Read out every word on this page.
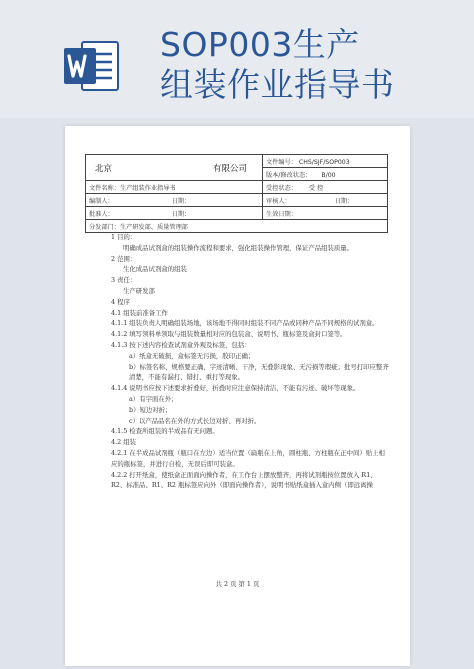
SOP003生产
组装作业指导书
北京 有限公司	文件编号： CHS/SJF/SOP003
	版本/修改状态： B/00
文件名称：生产组装作业指导书	受控状态： 受 控
编制人： 日期：	审核人： 日期：
批准人： 日期：	生效日期：
分发部门：生产研发部、质量管理部	
1 目的：
明确成品试剂盒的组装操作流程和要求，强化组装操作管理，保证产品组装质量。
2 范围：
生化成品试剂盒的组装
3 责任：
生产研发部
4 程序
4.1 组装前准备工作
4.1.1 组装负责人明确组装场地，该场地不得同时组装不同产品或同种产品不同规格的试剂盒。
4.1.2 填写领料单领取与组装数量相对应的包装盒、说明书、瓶标签及盒封口签等。
4.1.3 按下述内容检查试剂盒外观及标签，包括：
a）纸盒无破损，盒标签无污损，胶印正确；
b）标签名称、规格要正确，字迹清晰、干净，无叠影现象、无污损等瑕疵；批号打印应整齐清楚，不能有漏打、错打、重打等现象。
4.1.4 说明书应按下述要求折叠好，折叠时应注意保持清洁，不能有污迹、破坏等现象。
a）有字面在外；
b）短边对折；
c）以产品品名在外的方式长边对折、再对折。
4.1.5 检查所组装的半成品有无问题。
4.2 组装
4.2.1 在半成品试剂瓶（瓶口在左边）适当位置（扁瓶在上角，圆柱瓶、方柱瓶在正中间）贴上相应的瓶标签，并进行自检，无误后即可装盒。
4.2.2 打开纸盒，使纸盒正面面向操作者，在工作台上摆放整齐，再将试剂瓶按位置放入 R1、R2、标准品、R1、R2 瓶标签应向外（即面向操作者），说明书贴纸盒插入盒内侧（即远离操
共 2 页 第 1 页
